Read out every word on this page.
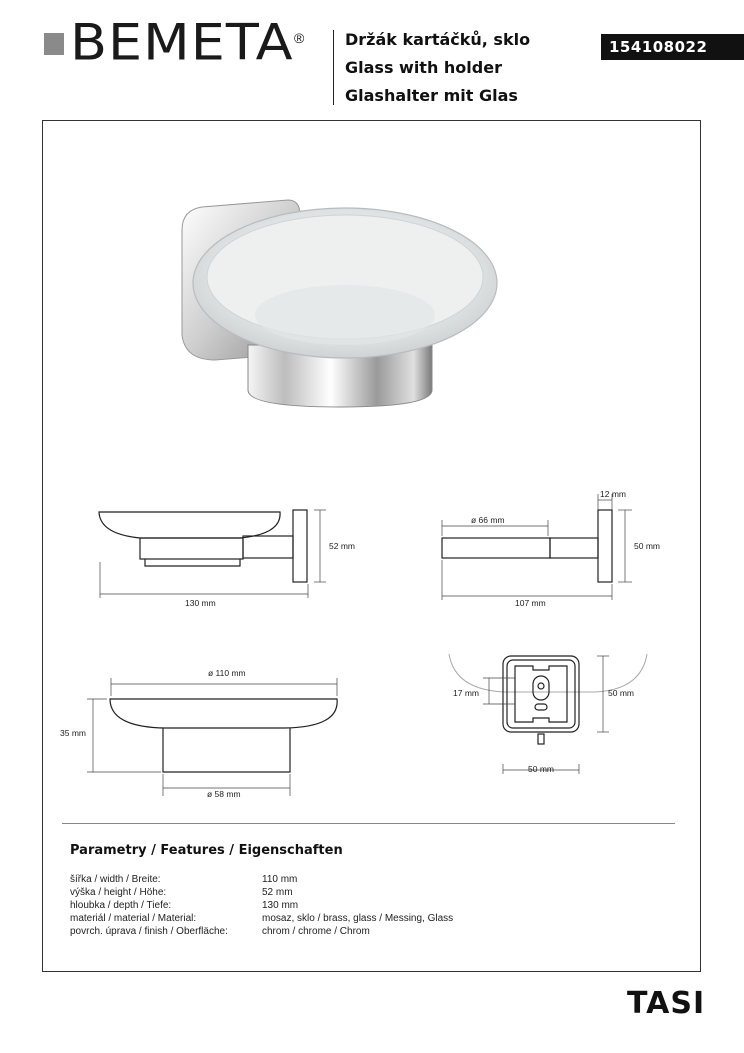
BEMETA ®	Držák kartáčků, sklo
Glass with holder
Glashalter mit Glas
154108022
52 mm
130 mm
ø 66 mm
12 mm
50 mm
107 mm
ø 110 mm
35 mm
ø 58 mm
17 mm	50 mm
50 mm
Parametry / Features / Eigenschaften
šířka / width / Breite:	110 mm
výška / height / Höhe:	52 mm
hloubka / depth / Tiefe:	130 mm
materiál / material / Material:	mosaz, sklo / brass, glass / Messing, Glass
povrch. úprava / finish / Oberfläche:	chrom / chrome / Chrom
TASI
